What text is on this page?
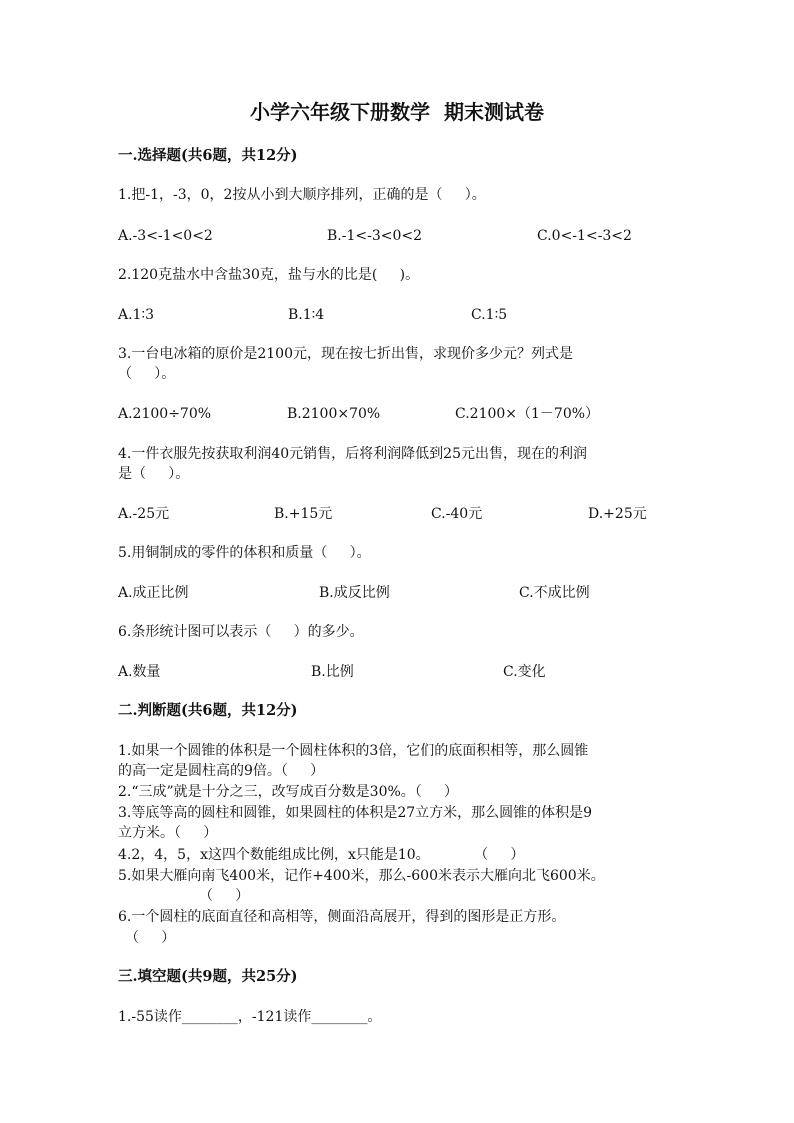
小学六年级下册数学  期末测试卷
一.选择题(共6题，共12分)
1.把-1，-3，0，2按从小到大顺序排列，正确的是（     ）。
A.-3<-1<0<2	B.-1<-3<0<2	C.0<-1<-3<2
2.120克盐水中含盐30克，盐与水的比是(     )。
A.1∶3	B.1∶4	C.1∶5
3.一台电冰箱的原价是2100元，现在按七折出售，求现价多少元？列式是
（     ）。
A.2100÷70%	B.2100×70%	C.2100×（1－70%）
4.一件衣服先按获取利润40元销售，后将利润降低到25元出售，现在的利润
是（     ）。
A.-25元	B.+15元	C.-40元	D.+25元
5.用铜制成的零件的体积和质量（     ）。
A.成正比例	B.成反比例	C.不成比例
6.条形统计图可以表示（     ）的多少。
A.数量	B.比例	C.变化
二.判断题(共6题，共12分)
1.如果一个圆锥的体积是一个圆柱体积的3倍，它们的底面积相等，那么圆锥
的高一定是圆柱高的9倍。（     ）
2.“三成”就是十分之三，改写成百分数是30%。（     ）
3.等底等高的圆柱和圆锥，如果圆柱的体积是27立方米，那么圆锥的体积是9
立方米。（     ）
4.2，4，5，x这四个数能组成比例，x只能是10。          （     ）
5.如果大雁向南飞400米，记作+400米，那么-600米表示大雁向北飞600米。
（     ）
6.一个圆柱的底面直径和高相等，侧面沿高展开，得到的图形是正方形。
（     ）
三.填空题(共9题，共25分)
1.-55读作________，-121读作________。
